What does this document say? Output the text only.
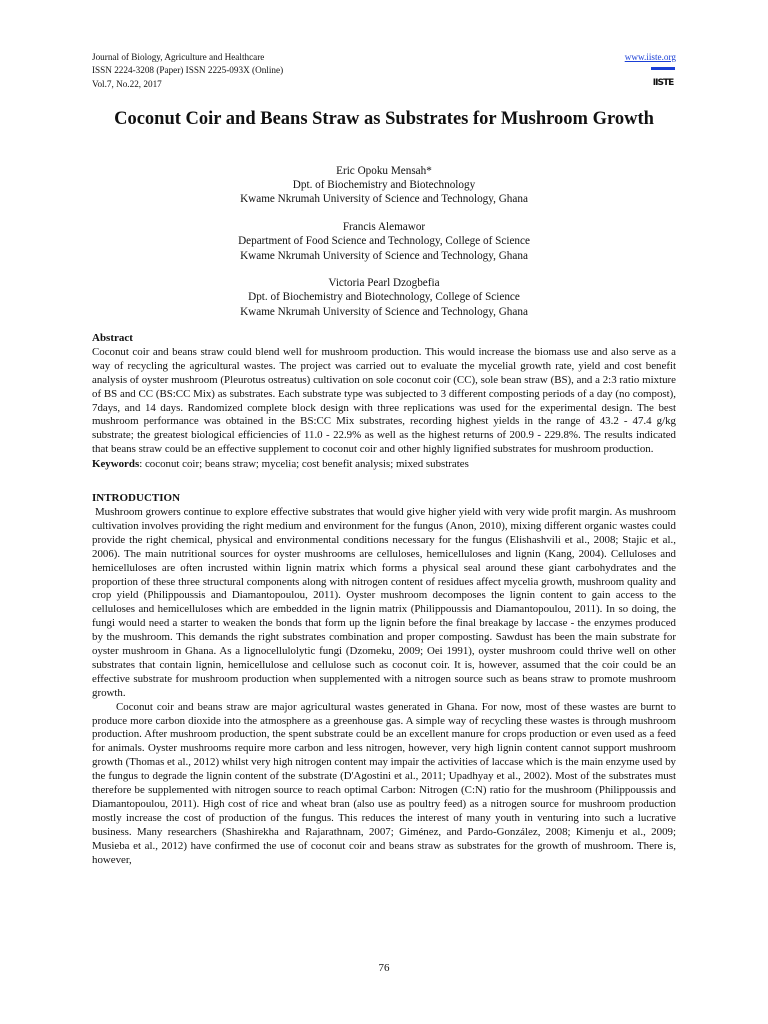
Journal of Biology, Agriculture and Healthcare
ISSN 2224-3208 (Paper) ISSN 2225-093X (Online)
Vol.7, No.22, 2017
www.iiste.org
$_{IISTE}$
Coconut Coir and Beans Straw as Substrates for Mushroom Growth
Eric Opoku Mensah*
Dpt. of Biochemistry and Biotechnology
Kwame Nkrumah University of Science and Technology, Ghana
Francis Alemawor
Department of Food Science and Technology, College of Science
Kwame Nkrumah University of Science and Technology, Ghana
Victoria Pearl Dzogbefia
Dpt. of Biochemistry and Biotechnology, College of Science
Kwame Nkrumah University of Science and Technology, Ghana
Abstract

Coconut coir and beans straw could blend well for mushroom production. This would increase the biomass use and also serve as a way of recycling the agricultural wastes. The project was carried out to evaluate the mycelial growth rate, yield and cost benefit analysis of oyster mushroom (Pleurotus ostreatus) cultivation on sole coconut coir (CC), sole bean straw (BS), and a 2:3 ratio mixture of BS and CC (BS:CC Mix) as substrates. Each substrate type was subjected to 3 different composting periods of a day (no compost), 7days, and 14 days. Randomized complete block design with three replications was used for the experimental design. The best mushroom performance was obtained in the BS:CC Mix substrates, recording highest yields in the range of 43.2 - 47.4 g/kg substrate; the greatest biological efficiencies of 11.0 - 22.9% as well as the highest returns of 200.9 - 229.8%. The results indicated that beans straw could be an effective supplement to coconut coir and other highly lignified substrates for mushroom production.

Keywords: coconut coir; beans straw; mycelia; cost benefit analysis; mixed substrates

INTRODUCTION

Mushroom growers continue to explore effective substrates that would give higher yield with very wide profit margin. As mushroom cultivation involves providing the right medium and environment for the fungus (Anon, 2010), mixing different organic wastes could provide the right chemical, physical and environmental conditions necessary for the fungus (Elishashvili et al., 2008; Stajic et al., 2006). The main nutritional sources for oyster mushrooms are celluloses, hemicelluloses and lignin (Kang, 2004). Celluloses and hemicelluloses are often incrusted within lignin matrix which forms a physical seal around these giant carbohydrates and the proportion of these three structural components along with nitrogen content of residues affect mycelia growth, mushroom quality and crop yield (Philippoussis and Diamantopoulou, 2011). Oyster mushroom decomposes the lignin content to gain access to the celluloses and hemicelluloses which are embedded in the lignin matrix (Philippoussis and Diamantopoulou, 2011). In so doing, the fungi would need a starter to weaken the bonds that form up the lignin before the final breakage by laccase - the enzymes produced by the mushroom. This demands the right substrates combination and proper composting. Sawdust has been the main substrate for oyster mushroom in Ghana. As a lignocellulolytic fungi (Dzomeku, 2009; Oei 1991), oyster mushroom could thrive well on other substrates that contain lignin, hemicellulose and cellulose such as coconut coir. It is, however, assumed that the coir could be an effective substrate for mushroom production when supplemented with a nitrogen source such as beans straw to promote mushroom growth.

Coconut coir and beans straw are major agricultural wastes generated in Ghana. For now, most of these wastes are burnt to produce more carbon dioxide into the atmosphere as a greenhouse gas. A simple way of recycling these wastes is through mushroom production. After mushroom production, the spent substrate could be an excellent manure for crops production or even used as a feed for animals. Oyster mushrooms require more carbon and less nitrogen, however, very high lignin content cannot support mushroom growth (Thomas et al., 2012) whilst very high nitrogen content may impair the activities of laccase which is the main enzyme used by the fungus to degrade the lignin content of the substrate (D'Agostini et al., 2011; Upadhyay et al., 2002). Most of the substrates must therefore be supplemented with nitrogen source to reach optimal Carbon: Nitrogen (C:N) ratio for the mushroom (Philippoussis and Diamantopoulou, 2011). High cost of rice and wheat bran (also use as poultry feed) as a nitrogen source for mushroom production mostly increase the cost of production of the fungus. This reduces the interest of many youth in venturing into such a lucrative business. Many researchers (Shashirekha and Rajarathnam, 2007; Giménez, and Pardo-González, 2008; Kimenju et al., 2009; Musieba et al., 2012) have confirmed the use of coconut coir and beans straw as substrates for the growth of mushroom. There is, however,

76
